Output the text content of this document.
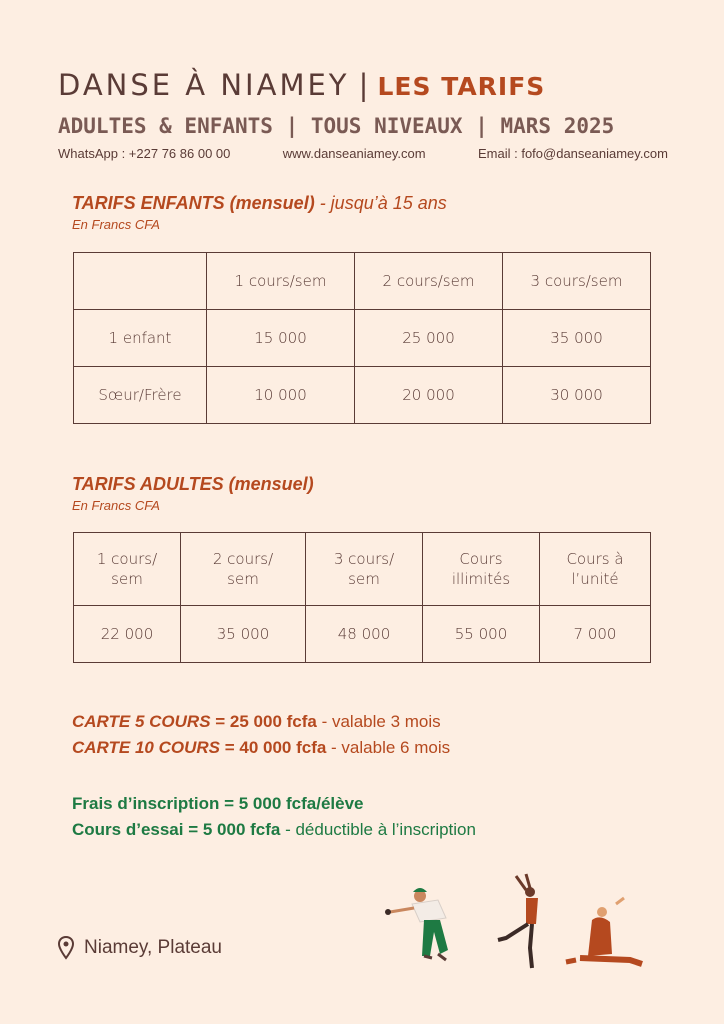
DANSE À NIAMEY | LES TARIFS
ADULTES & ENFANTS | TOUS NIVEAUX | MARS 2025
WhatsApp : +227 76 86 00 00	www.danseaniamey.com	Email : fofo@danseaniamey.com
TARIFS ENFANTS (mensuel) - jusqu’à 15 ans
En Francs CFA
	1 cours/sem	2 cours/sem	3 cours/sem
1 enfant	15 000	25 000	35 000
Sœur/Frère	10 000	20 000	30 000
TARIFS ADULTES (mensuel)
En Francs CFA
1 cours/ sem	2 cours/ sem	3 cours/ sem	Cours illimités	Cours à l’unité
22 000	35 000	48 000	55 000	7 000
CARTE 5 COURS = 25 000 fcfa - valable 3 mois
CARTE 10 COURS = 40 000 fcfa - valable 6 mois
Frais d’inscription = 5 000 fcfa/élève
Cours d’essai = 5 000 fcfa - déductible à l’inscription
Niamey, Plateau
